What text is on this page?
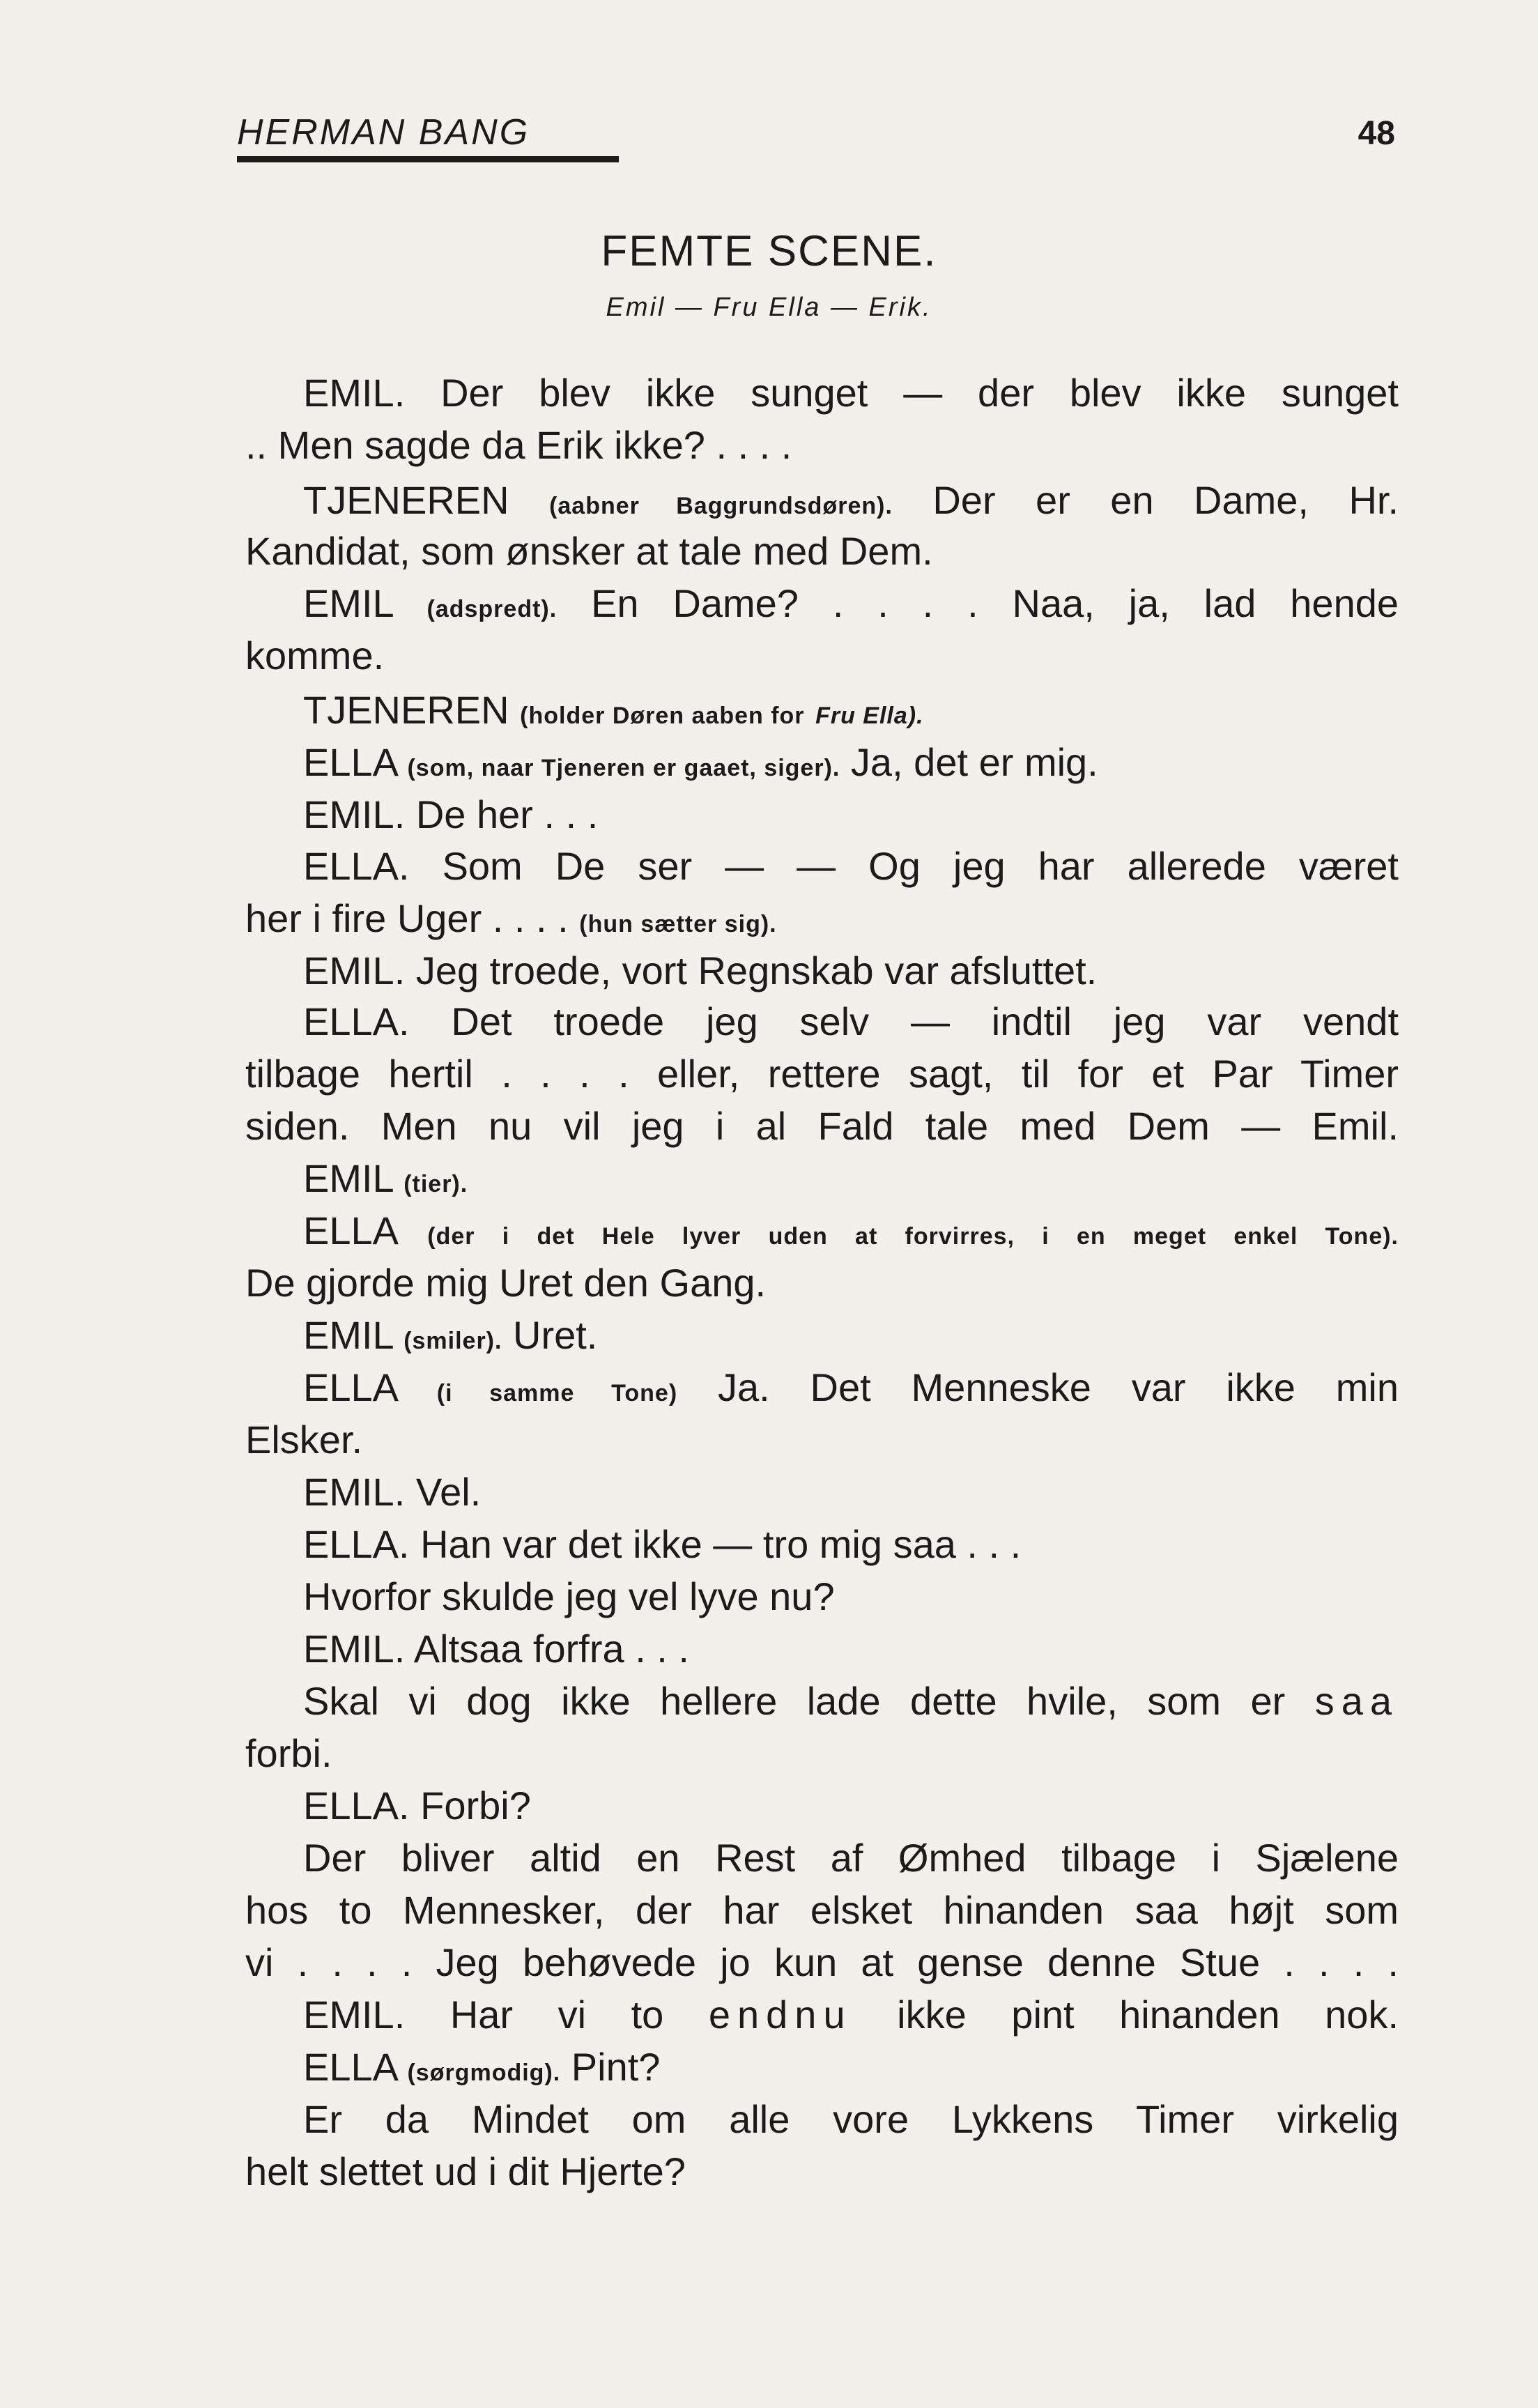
HERMAN BANG	48
FEMTE SCENE.
Emil — Fru Ella — Erik.
EMIL. Der blev ikke sunget — der blev ikke sunget
.. Men sagde da Erik ikke? . . . .
TJENEREN (aabner Baggrundsdøren). Der er en Dame, Hr.
Kandidat, som ønsker at tale med Dem.
EMIL (adspredt). En Dame? . . . . Naa, ja, lad hende
komme.
TJENEREN (holder Døren aaben for Fru Ella).
ELLA (som, naar Tjeneren er gaaet, siger). Ja, det er mig.
EMIL. De her . . .
ELLA. Som De ser — — Og jeg har allerede været
her i fire Uger . . . . (hun sætter sig).
EMIL. Jeg troede, vort Regnskab var afsluttet.
ELLA. Det troede jeg selv — indtil jeg var vendt
tilbage hertil . . . . eller, rettere sagt, til for et Par Timer
siden. Men nu vil jeg i al Fald tale med Dem — Emil.
EMIL (tier).
ELLA (der i det Hele lyver uden at forvirres, i en meget enkel Tone).
De gjorde mig Uret den Gang.
EMIL (smiler). Uret.
ELLA (i samme Tone) Ja. Det Menneske var ikke min
Elsker.
EMIL. Vel.
ELLA. Han var det ikke — tro mig saa . . .
Hvorfor skulde jeg vel lyve nu?
EMIL. Altsaa forfra . . .
Skal vi dog ikke hellere lade dette hvile, som er saa
forbi.
ELLA. Forbi?
Der bliver altid en Rest af Ømhed tilbage i Sjælene
hos to Mennesker, der har elsket hinanden saa højt som
vi . . . . Jeg behøvede jo kun at gense denne Stue . . . .
EMIL. Har vi to endnu ikke pint hinanden nok.
ELLA (sørgmodig). Pint?
Er da Mindet om alle vore Lykkens Timer virkelig
helt slettet ud i dit Hjerte?
